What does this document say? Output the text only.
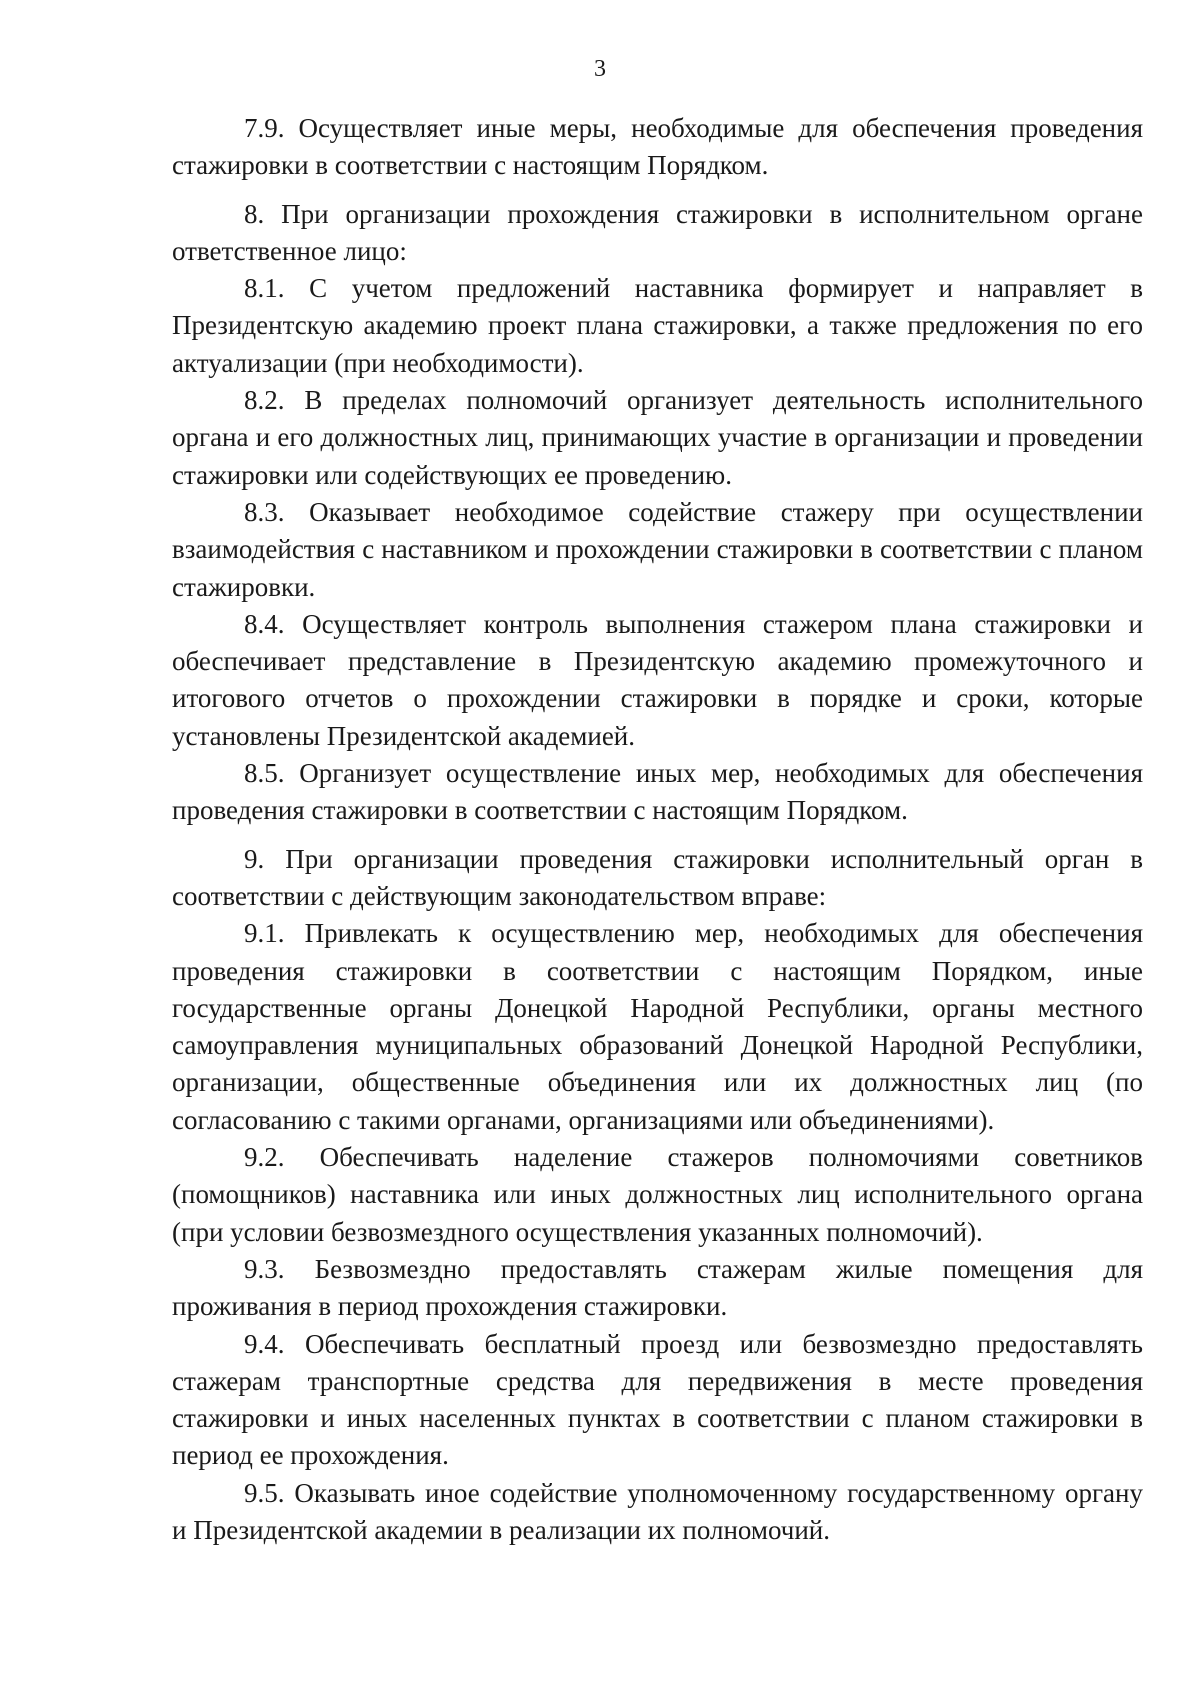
3

7.9. Осуществляет иные меры, необходимые для обеспечения проведения стажировки в соответствии с настоящим Порядком.

8. При организации прохождения стажировки в исполнительном органе ответственное лицо:

8.1. С учетом предложений наставника формирует и направляет в Президентскую академию проект плана стажировки, а также предложения по его актуализации (при необходимости).

8.2. В пределах полномочий организует деятельность исполнительного органа и его должностных лиц, принимающих участие в организации и проведении стажировки или содействующих ее проведению.

8.3. Оказывает необходимое содействие стажеру при осуществлении взаимодействия с наставником и прохождении стажировки в соответствии с планом стажировки.

8.4. Осуществляет контроль выполнения стажером плана стажировки и обеспечивает представление в Президентскую академию промежуточного и итогового отчетов о прохождении стажировки в порядке и сроки, которые установлены Президентской академией.

8.5. Организует осуществление иных мер, необходимых для обеспечения проведения стажировки в соответствии с настоящим Порядком.

9. При организации проведения стажировки исполнительный орган в соответствии с действующим законодательством вправе:

9.1. Привлекать к осуществлению мер, необходимых для обеспечения проведения стажировки в соответствии с настоящим Порядком, иные государственные органы Донецкой Народной Республики, органы местного самоуправления муниципальных образований Донецкой Народной Республики, организации, общественные объединения или их должностных лиц (по согласованию с такими органами, организациями или объединениями).

9.2. Обеспечивать наделение стажеров полномочиями советников (помощников) наставника или иных должностных лиц исполнительного органа (при условии безвозмездного осуществления указанных полномочий).

9.3. Безвозмездно предоставлять стажерам жилые помещения для проживания в период прохождения стажировки.

9.4. Обеспечивать бесплатный проезд или безвозмездно предоставлять стажерам транспортные средства для передвижения в месте проведения стажировки и иных населенных пунктах в соответствии с планом стажировки в период ее прохождения.

9.5. Оказывать иное содействие уполномоченному государственному органу и Президентской академии в реализации их полномочий.
